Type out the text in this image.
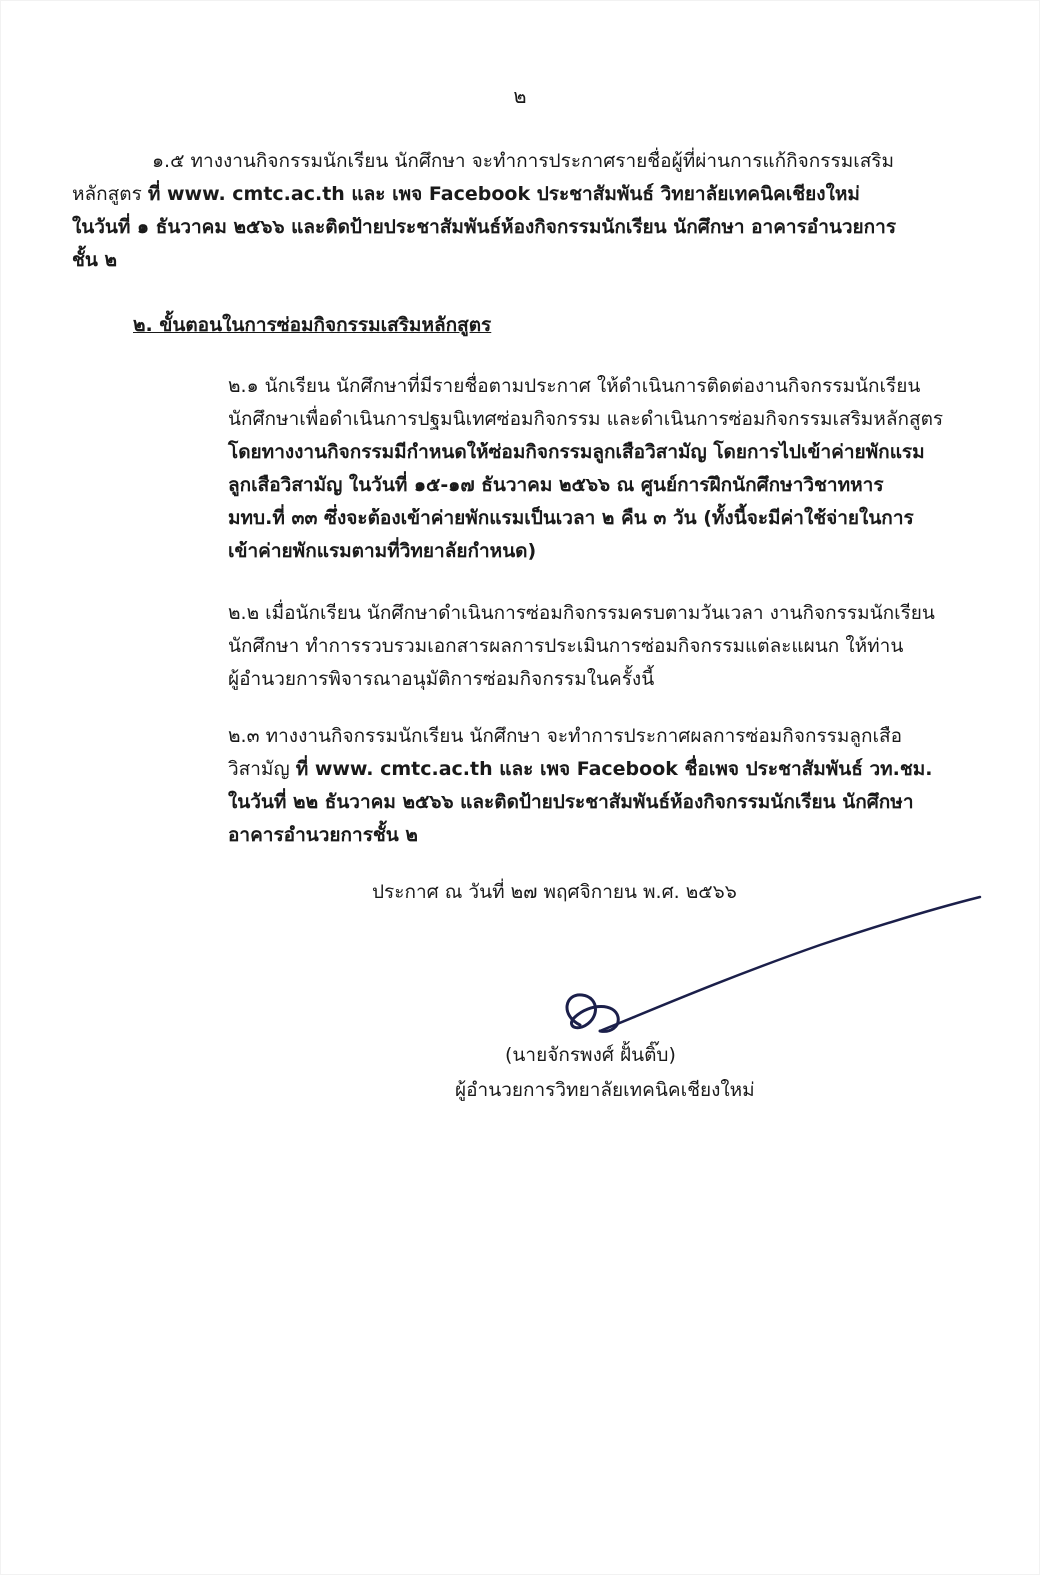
๒

๑.๕ ทางงานกิจกรรมนักเรียน นักศึกษา จะทำการประกาศรายชื่อผู้ที่ผ่านการแก้กิจกรรมเสริม
หลักสูตร ที่ www. cmtc.ac.th และ เพจ Facebook ประชาสัมพันธ์ วิทยาลัยเทคนิคเชียงใหม่
ในวันที่ ๑ ธันวาคม ๒๕๖๖ และติดป้ายประชาสัมพันธ์ห้องกิจกรรมนักเรียน นักศึกษา อาคารอำนวยการ
ชั้น ๒

๒. ขั้นตอนในการซ่อมกิจกรรมเสริมหลักสูตร

๒.๑ นักเรียน นักศึกษาที่มีรายชื่อตามประกาศ ให้ดำเนินการติดต่องานกิจกรรมนักเรียน
นักศึกษาเพื่อดำเนินการปฐมนิเทศซ่อมกิจกรรม และดำเนินการซ่อมกิจกรรมเสริมหลักสูตร
โดยทางงานกิจกรรมมีกำหนดให้ซ่อมกิจกรรมลูกเสือวิสามัญ โดยการไปเข้าค่ายพักแรม
ลูกเสือวิสามัญ ในวันที่ ๑๕-๑๗ ธันวาคม ๒๕๖๖ ณ ศูนย์การฝึกนักศึกษาวิชาทหาร
มทบ.ที่ ๓๓ ซึ่งจะต้องเข้าค่ายพักแรมเป็นเวลา ๒ คืน ๓ วัน (ทั้งนี้จะมีค่าใช้จ่ายในการ
เข้าค่ายพักแรมตามที่วิทยาลัยกำหนด)

๒.๒ เมื่อนักเรียน นักศึกษาดำเนินการซ่อมกิจกรรมครบตามวันเวลา งานกิจกรรมนักเรียน
นักศึกษา ทำการรวบรวมเอกสารผลการประเมินการซ่อมกิจกรรมแต่ละแผนก ให้ท่าน
ผู้อำนวยการพิจารณาอนุมัติการซ่อมกิจกรรมในครั้งนี้

๒.๓ ทางงานกิจกรรมนักเรียน นักศึกษา จะทำการประกาศผลการซ่อมกิจกรรมลูกเสือ
วิสามัญ ที่ www. cmtc.ac.th และ เพจ Facebook ชื่อเพจ ประชาสัมพันธ์ วท.ชม.
ในวันที่ ๒๒ ธันวาคม ๒๕๖๖ และติดป้ายประชาสัมพันธ์ห้องกิจกรรมนักเรียน นักศึกษา
อาคารอำนวยการชั้น ๒

ประกาศ ณ วันที่ ๒๗ พฤศจิกายน พ.ศ. ๒๕๖๖

(นายจักรพงศ์ ฝั้นติ๊บ)

ผู้อำนวยการวิทยาลัยเทคนิคเชียงใหม่
